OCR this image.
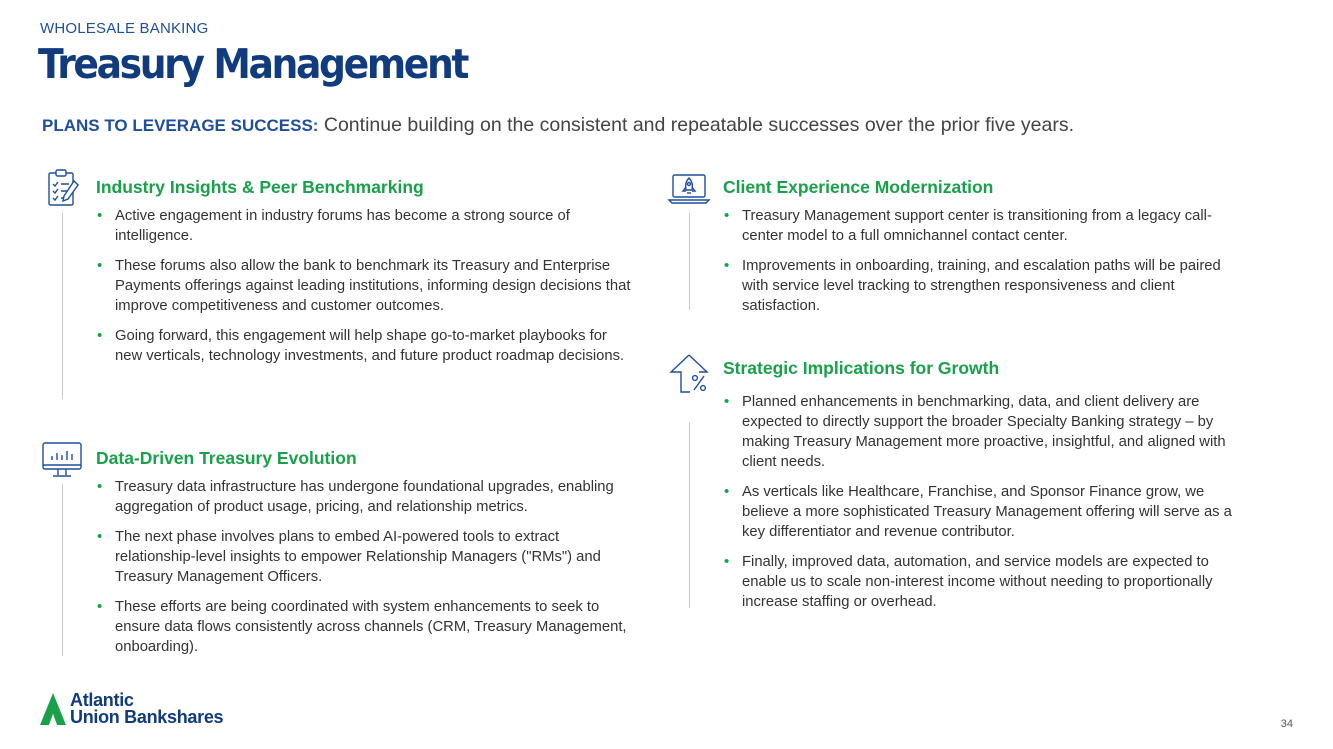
WHOLESALE BANKING
Treasury Management
PLANS TO LEVERAGE SUCCESS: Continue building on the consistent and repeatable successes over the prior five years.
Industry Insights & Peer Benchmarking
• Active engagement in industry forums has become a strong source of intelligence.
• These forums also allow the bank to benchmark its Treasury and Enterprise Payments offerings against leading institutions, informing design decisions that improve competitiveness and customer outcomes.
• Going forward, this engagement will help shape go-to-market playbooks for new verticals, technology investments, and future product roadmap decisions.
Data-Driven Treasury Evolution
• Treasury data infrastructure has undergone foundational upgrades, enabling aggregation of product usage, pricing, and relationship metrics.
• The next phase involves plans to embed AI-powered tools to extract relationship-level insights to empower Relationship Managers ("RMs") and Treasury Management Officers.
• These efforts are being coordinated with system enhancements to seek to ensure data flows consistently across channels (CRM, Treasury Management, onboarding).
Client Experience Modernization
• Treasury Management support center is transitioning from a legacy call-center model to a full omnichannel contact center.
• Improvements in onboarding, training, and escalation paths will be paired with service level tracking to strengthen responsiveness and client satisfaction.
Strategic Implications for Growth
• Planned enhancements in benchmarking, data, and client delivery are expected to directly support the broader Specialty Banking strategy – by making Treasury Management more proactive, insightful, and aligned with client needs.
• As verticals like Healthcare, Franchise, and Sponsor Finance grow, we believe a more sophisticated Treasury Management offering will serve as a key differentiator and revenue contributor.
• Finally, improved data, automation, and service models are expected to enable us to scale non-interest income without needing to proportionally increase staffing or overhead.
Atlantic
Union Bankshares	34
